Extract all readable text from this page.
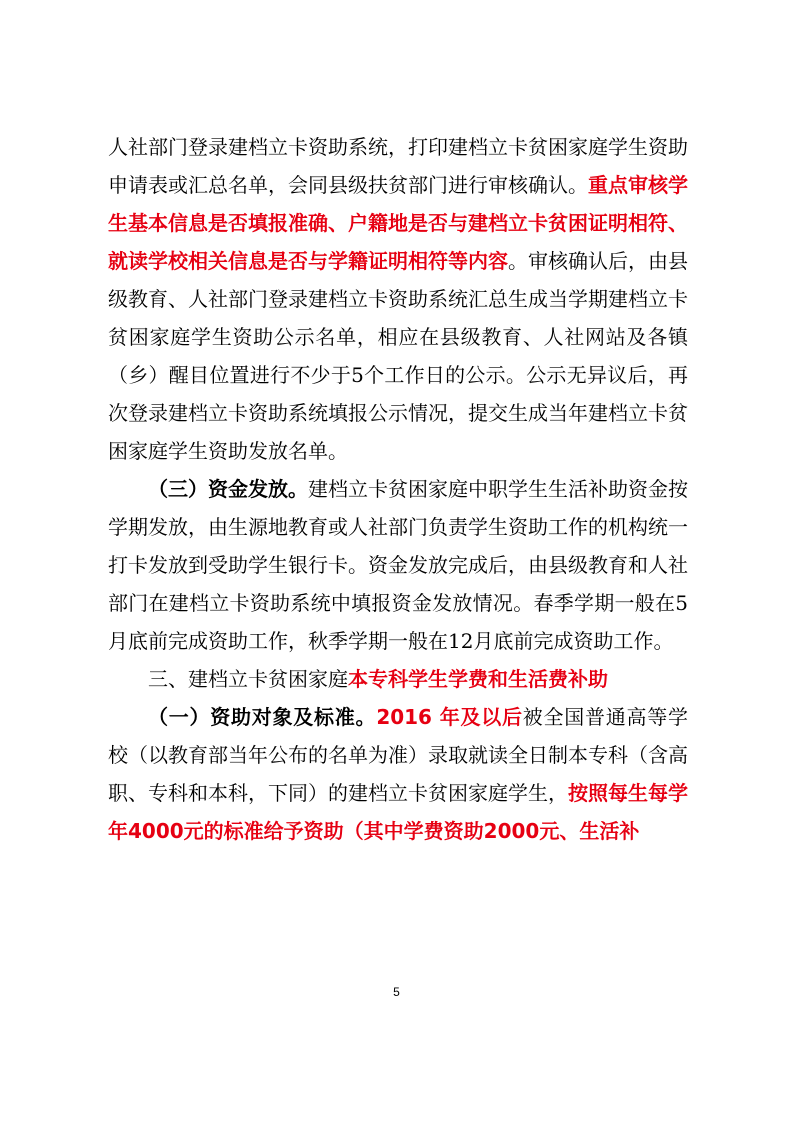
人社部门登录建档立卡资助系统，打印建档立卡贫困家庭学生资助申请表或汇总名单，会同县级扶贫部门进行审核确认。重点审核学生基本信息是否填报准确、户籍地是否与建档立卡贫困证明相符、就读学校相关信息是否与学籍证明相符等内容。审核确认后，由县级教育、人社部门登录建档立卡资助系统汇总生成当学期建档立卡贫困家庭学生资助公示名单，相应在县级教育、人社网站及各镇（乡）醒目位置进行不少于5个工作日的公示。公示无异议后，再次登录建档立卡资助系统填报公示情况，提交生成当年建档立卡贫困家庭学生资助发放名单。

（三）资金发放。建档立卡贫困家庭中职学生生活补助资金按学期发放，由生源地教育或人社部门负责学生资助工作的机构统一打卡发放到受助学生银行卡。资金发放完成后，由县级教育和人社部门在建档立卡资助系统中填报资金发放情况。春季学期一般在5月底前完成资助工作，秋季学期一般在12月底前完成资助工作。

三、建档立卡贫困家庭本专科学生学费和生活费补助

（一）资助对象及标准。2016 年及以后被全国普通高等学校（以教育部当年公布的名单为准）录取就读全日制本专科（含高职、专科和本科，下同）的建档立卡贫困家庭学生，按照每生每学年4000元的标准给予资助（其中学费资助2000元、生活补

5
